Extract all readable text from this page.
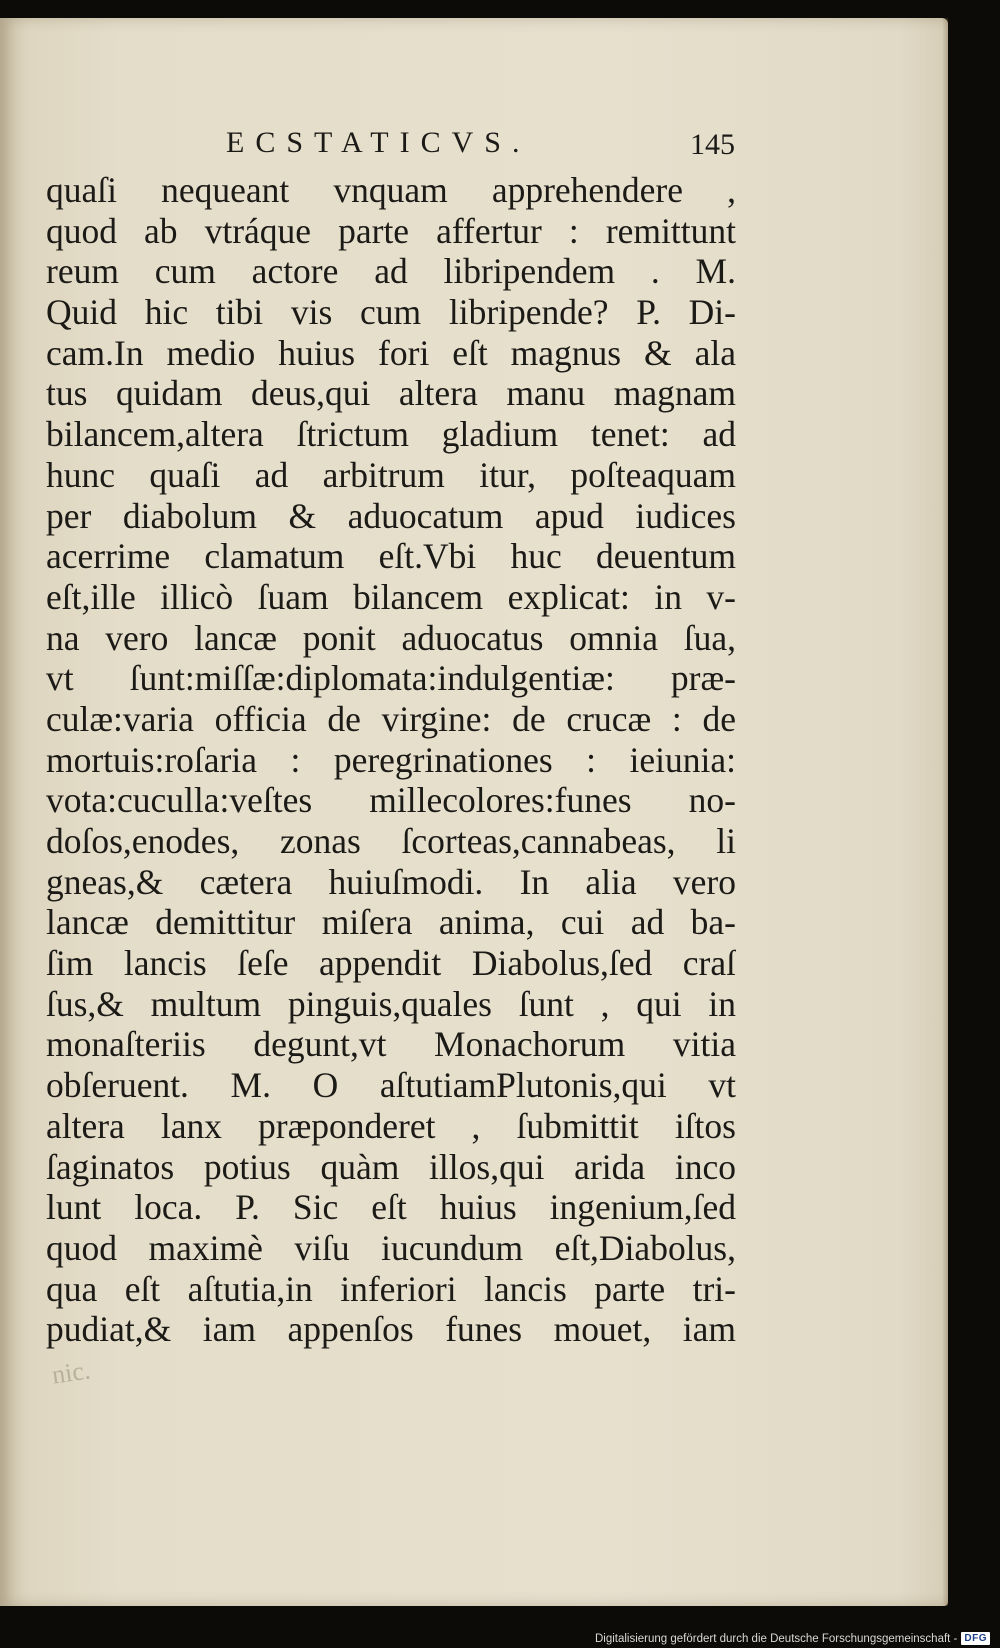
ECSTATICVS.	145
quaſi nequeant vnquam apprehendere ,
quod ab vtráque parte affertur : remittunt
reum cum actore ad libripendem . M.
Quid hic tibi vis cum libripende? P. Di-
cam.In medio huius fori eſt magnus & ala
tus quidam deus,qui altera manu magnam
bilancem,altera ſtrictum gladium tenet: ad
hunc quaſi ad arbitrum itur, poſteaquam
per diabolum & aduocatum apud iudices
acerrime clamatum eſt.Vbi huc deuentum
eſt,ille illicò ſuam bilancem explicat: in v-
na vero lancæ ponit aduocatus omnia ſua,
vt ſunt:miſſæ:diplomata:indulgentiæ: præ-
culæ:varia officia de virgine: de crucæ : de
mortuis:roſaria : peregrinationes : ieiunia:
vota:cuculla:veſtes millecolores:funes no-
doſos,enodes, zonas ſcorteas,cannabeas, li
gneas,& cætera huiuſmodi. In alia vero
lancæ demittitur miſera anima, cui ad ba-
ſim lancis ſeſe appendit Diabolus,ſed craſ
ſus,& multum pinguis,quales ſunt , qui in
monaſteriis degunt,vt Monachorum vitia
obſeruent. M. O aſtutiamPlutonis,qui vt
altera lanx præponderet , ſubmittit iſtos
ſaginatos potius quàm illos,qui arida inco
lunt loca. P. Sic eſt huius ingenium,ſed
quod maximè viſu iucundum eſt,Diabolus,
qua eſt aſtutia,in inferiori lancis parte tri-
pudiat,& iam appenſos funes mouet, iam
nic.
Digitalisierung gefördert durch die Deutsche Forschungsgemeinschaft - DFG
